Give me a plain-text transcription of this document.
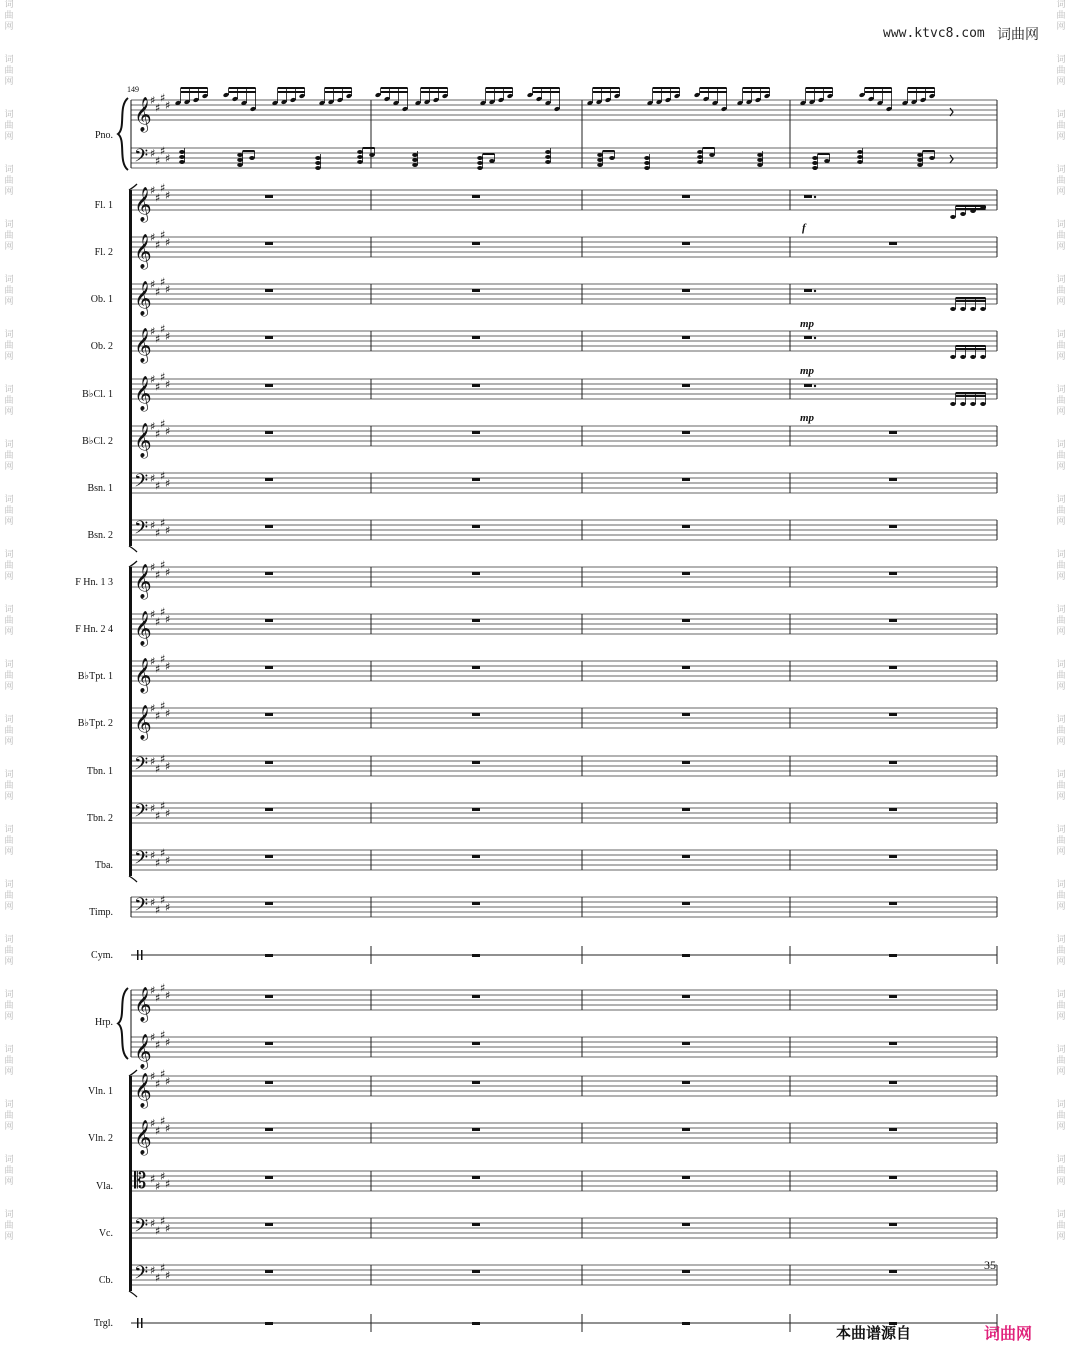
词
曲
网

词
曲
网

词
曲
网

词
曲
网

词
曲
网

词
曲
网

词
曲
网

词
曲
网

词
曲
网

词
曲
网

词
曲
网

词
曲
网

词
曲
网

词
曲
网

词
曲
网

词
曲
网

词
曲
网

词
曲
网

词
曲
网

词
曲
网

词
曲
网

词
曲
网

词
曲
网

词
曲
网

词
曲
网

词
曲
网

词
曲
网

词
曲
网

词
曲
网

词
曲
网

词
曲
网

词
曲
网

词
曲
网

词
曲
网

词
曲
网

词
曲
网

词
曲
网

词
曲
网

词
曲
网

词
曲
网

词
曲
网

词
曲
网

词
曲
网

词
曲
网

词
曲
网

词
曲
网

www.ktvc8.com 词曲网
149
𝄞
♯
♯
♯
♯
𝄢 ♯
♯
♯
♯
𝄞
♯
♯
♯
♯
𝄞
♯
♯
♯
♯
𝄞
♯
♯
♯
♯
𝄞
♯
♯
♯
♯
𝄞
♯
♯
♯
♯
𝄞
♯
♯
♯
♯
𝄢 ♯
♯
♯
♯
𝄢 ♯
♯
♯
♯
𝄞
♯
♯
♯
♯
𝄞
♯
♯
♯
♯
𝄞
♯
♯
♯
♯
𝄞
♯
♯
♯
♯
𝄢 ♯
♯
♯
♯
𝄢 ♯
♯
♯
♯
𝄢 ♯
♯
♯
♯
𝄢 ♯
♯
♯
♯
𝄞
♯
♯
♯
♯
𝄞
♯
♯
♯
♯
𝄞
♯
♯
♯
♯
𝄞
♯
♯
♯
♯
𝄡 ♯
♯
♯
♯
𝄢 ♯
♯
♯
♯
𝄢 ♯
♯
♯
♯
Pno.
Fl. 1
Fl. 2
Ob. 1
Ob. 2
B♭Cl. 1
B♭Cl. 2
Bsn. 1
Bsn. 2
F Hn. 1 3
F Hn. 2 4
B♭Tpt. 1
B♭Tpt. 2
Tbn. 1
Tbn. 2
Tba.
Timp.
Cym.
Hrp.
Vln. 1
Vln. 2
Vla.
Vc.
Cb.
Trgl.
f
mp
mp
mp
35
本曲谱源自	词曲网
